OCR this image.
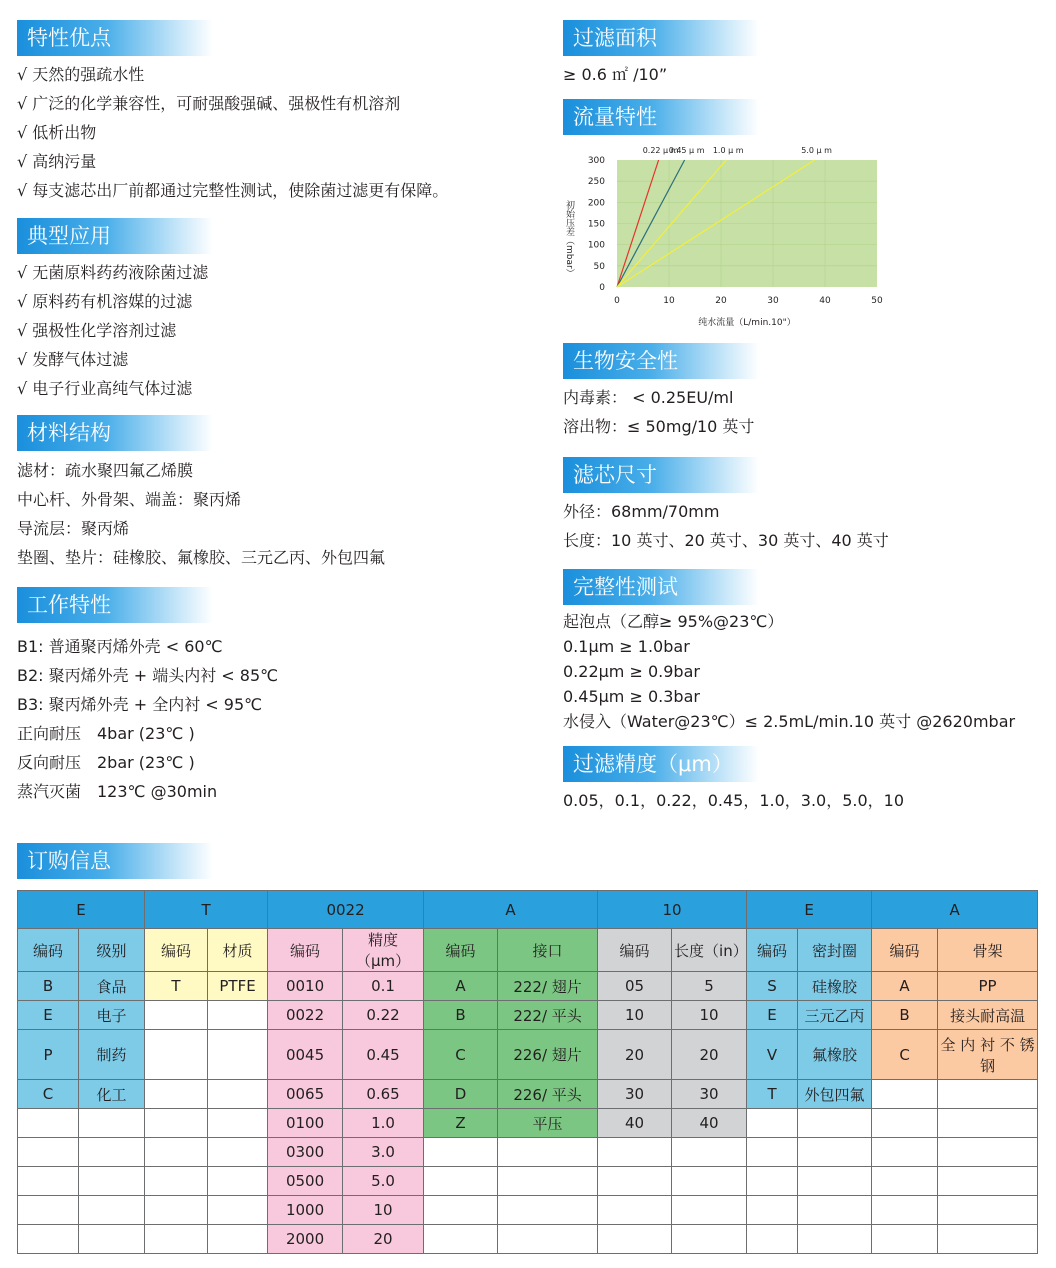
特性优点
√ 天然的强疏水性
√ 广泛的化学兼容性，可耐强酸强碱、强极性有机溶剂
√ 低析出物
√ 高纳污量
√ 每支滤芯出厂前都通过完整性测试，使除菌过滤更有保障。
典型应用
√ 无菌原料药药液除菌过滤
√ 原料药有机溶媒的过滤
√ 强极性化学溶剂过滤
√ 发酵气体过滤
√ 电子行业高纯气体过滤
材料结构
滤材：疏水聚四氟乙烯膜
中心杆、外骨架、端盖：聚丙烯
导流层：聚丙烯
垫圈、垫片：硅橡胶、氟橡胶、三元乙丙、外包四氟
工作特性
B1: 普通聚丙烯外壳 < 60℃
B2: 聚丙烯外壳 + 端头内衬 < 85℃
B3: 聚丙烯外壳 + 全内衬 < 95℃
正向耐压　4bar (23℃ )
反向耐压　2bar (23℃ )
蒸汽灭菌　123℃ @30min
过滤面积
≥ 0.6 ㎡ /10”
流量特性
0.22 μ m
0.45 μ m 1.0 μ m	5.0 μ m
0
50
100
150
200
250
300
0	10	20	30	40	50
纯水流量（L/min.10"）
初始压差（mbar）
生物安全性
内毒素： < 0.25EU/ml
溶出物：≤ 50mg/10 英寸
滤芯尺寸
外径：68mm/70mm
长度：10 英寸、20 英寸、30 英寸、40 英寸
完整性测试
起泡点（乙醇≥ 95%@23℃）
0.1μm ≥ 1.0bar
0.22μm ≥ 0.9bar
0.45μm ≥ 0.3bar
水侵入（Water@23℃）≤ 2.5mL/min.10 英寸 @2620mbar
过滤精度（μm）
0.05，0.1，0.22，0.45，1.0，3.0，5.0，10
订购信息
E		T		0022		A		10		E		A	
编码	级别	编码	材质	编码	精度（μm）	编码	接口	编码	长度（in）	编码	密封圈	编码	骨架
B	食品	T	PTFE	0010	0.1	A	222/ 翅片	05	5	S	硅橡胶	A	PP
E	电子			0022	0.22	B	222/ 平头	10	10	E	三元乙丙	B	接头耐高温
P	制药			0045	0.45	C	226/ 翅片	20	20	V	氟橡胶	C	全 内 衬 不 锈 钢
C	化工			0065	0.65	D	226/ 平头	30	30	T	外包四氟		
				0100	1.0	Z	平压	40	40				
				0300	3.0								
				0500	5.0								
				1000	10								
				2000	20								
